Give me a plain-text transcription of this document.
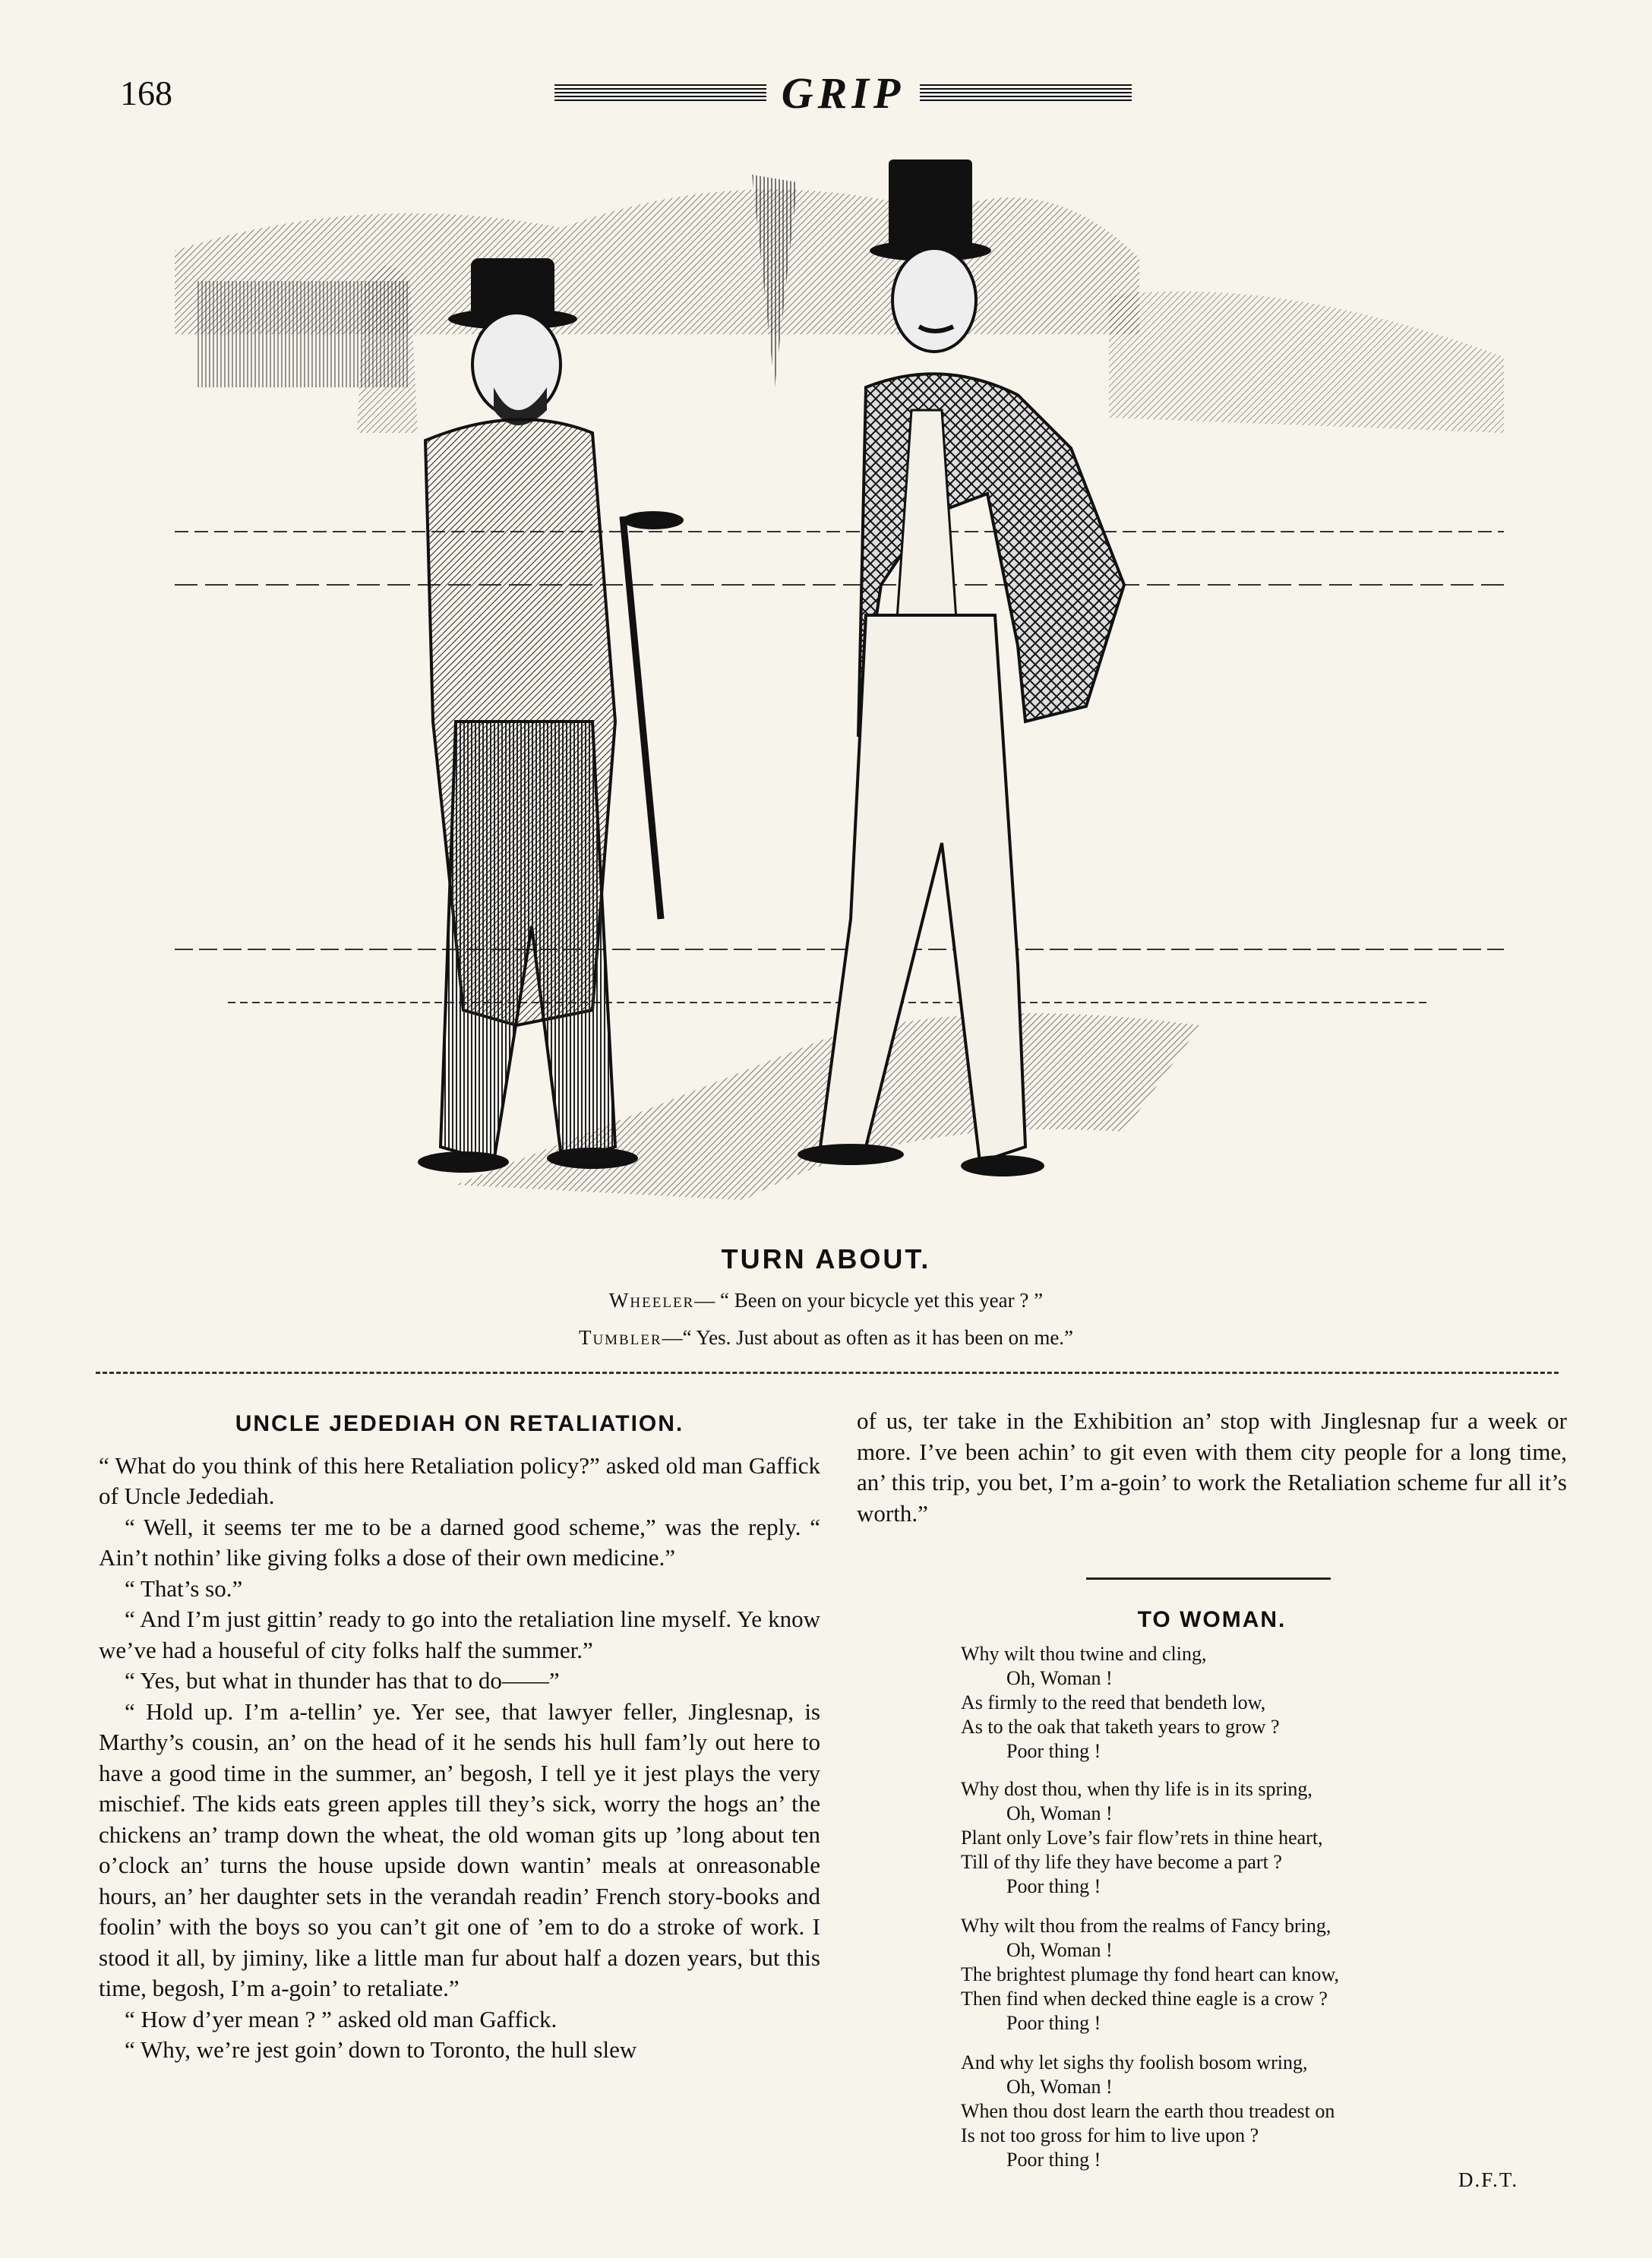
168	GRIP
TURN ABOUT.
Wheeler— “ Been on your bicycle yet this year ? ”
Tumbler—“ Yes. Just about as often as it has been on me.”
UNCLE JEDEDIAH ON RETALIATION.

“ What do you think of this here Retaliation policy?” asked old man Gaffick of Uncle Jedediah.

“ Well, it seems ter me to be a darned good scheme,” was the reply. “ Ain’t nothin’ like giving folks a dose of their own medicine.”

“ That’s so.”

“ And I’m just gittin’ ready to go into the retaliation line myself. Ye know we’ve had a houseful of city folks half the summer.”

“ Yes, but what in thunder has that to do——”

“ Hold up. I’m a-tellin’ ye. Yer see, that lawyer feller, Jinglesnap, is Marthy’s cousin, an’ on the head of it he sends his hull fam’ly out here to have a good time in the summer, an’ begosh, I tell ye it jest plays the very mischief. The kids eats green apples till they’s sick, worry the hogs an’ the chickens an’ tramp down the wheat, the old woman gits up ’long about ten o’clock an’ turns the house upside down wantin’ meals at onreasonable hours, an’ her daughter sets in the verandah readin’ French story-books and foolin’ with the boys so you can’t git one of ’em to do a stroke of work. I stood it all, by jiminy, like a little man fur about half a dozen years, but this time, begosh, I’m a-goin’ to retaliate.”

“ How d’yer mean ? ” asked old man Gaffick.

“ Why, we’re jest goin’ down to Toronto, the hull slew

of us, ter take in the Exhibition an’ stop with Jinglesnap fur a week or more. I’ve been achin’ to git even with them city people for a long time, an’ this trip, you bet, I’m a-goin’ to work the Retaliation scheme fur all it’s worth.”

TO WOMAN.
Why wilt thou twine and cling,
Oh, Woman !
As firmly to the reed that bendeth low,
As to the oak that taketh years to grow ?
Poor thing !
Why dost thou, when thy life is in its spring,
Oh, Woman !
Plant only Love’s fair flow’rets in thine heart,
Till of thy life they have become a part ?
Poor thing !
Why wilt thou from the realms of Fancy bring,
Oh, Woman !
The brightest plumage thy fond heart can know,
Then find when decked thine eagle is a crow ?
Poor thing !
And why let sighs thy foolish bosom wring,
Oh, Woman !
When thou dost learn the earth thou treadest on
Is not too gross for him to live upon ?
Poor thing !
D.F.T.
